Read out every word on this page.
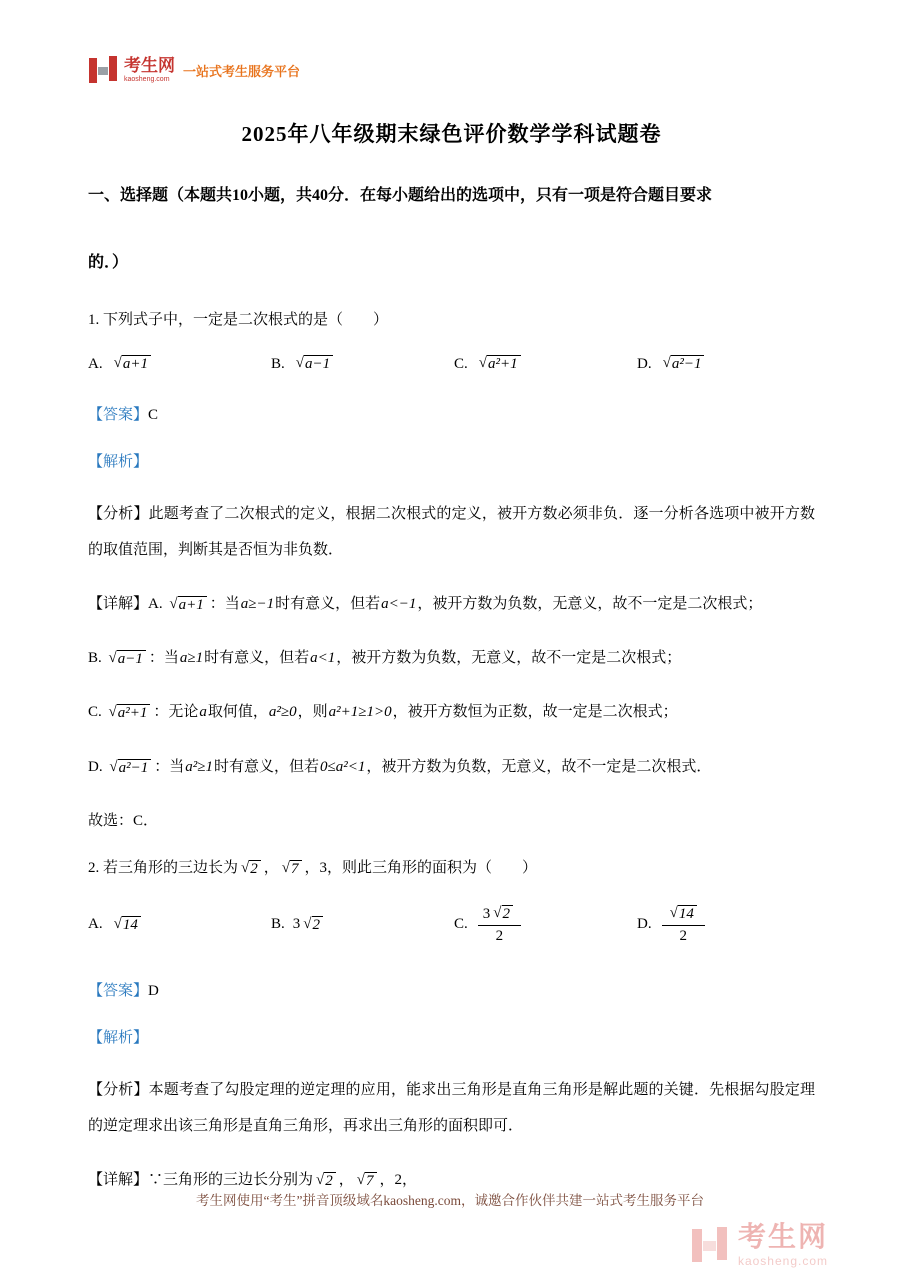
考生网
kaosheng.com
一站式考生服务平台
2025年八年级期末绿色评价数学学科试题卷

一、选择题（本题共10小题，共40分．在每小题给出的选项中，只有一项是符合题目要求

的．）

1. 下列式子中，一定是二次根式的是（　　）

A. √ a+1	B. √ a−1	C. √ a²+1	D. √ a²−1

【答案】C

【解析】

【分析】此题考查了二次根式的定义，根据二次根式的定义，被开方数必须非负．逐一分析各选项中被开方数的取值范围，判断其是否恒为非负数．

【详解】A. √ a+1 ：当a≥−1时有意义，但若a<−1，被开方数为负数，无意义，故不一定是二次根式；

B. √ a−1 ：当a≥1时有意义，但若a<1，被开方数为负数，无意义，故不一定是二次根式；

C. √ a²+1 ：无论a取何值，a²≥0，则a²+1≥1>0，被开方数恒为正数，故一定是二次根式；

D. √ a²−1 ：当a²≥1时有意义，但若0≤a²<1，被开方数为负数，无意义，故不一定是二次根式．

故选：C．

2. 若三角形的三边长为 √ 2 ， √ 7 ，3，则此三角形的面积为（　　）

A. √ 14	B. 3 √ 2	C. $\frac{3 √ 2}{2}$	D. $\frac{√ 14}{2}$

【答案】D

【解析】

【分析】本题考查了勾股定理的逆定理的应用，能求出三角形是直角三角形是解此题的关键．先根据勾股定理的逆定理求出该三角形是直角三角形，再求出三角形的面积即可．

【详解】∵三角形的三边长分别为 √ 2 ， √ 7 ，2，

考生网使用“考生”拼音顶级域名kaosheng.com，诚邀合作伙伴共建一站式考生服务平台
考生网
kaosheng.com
